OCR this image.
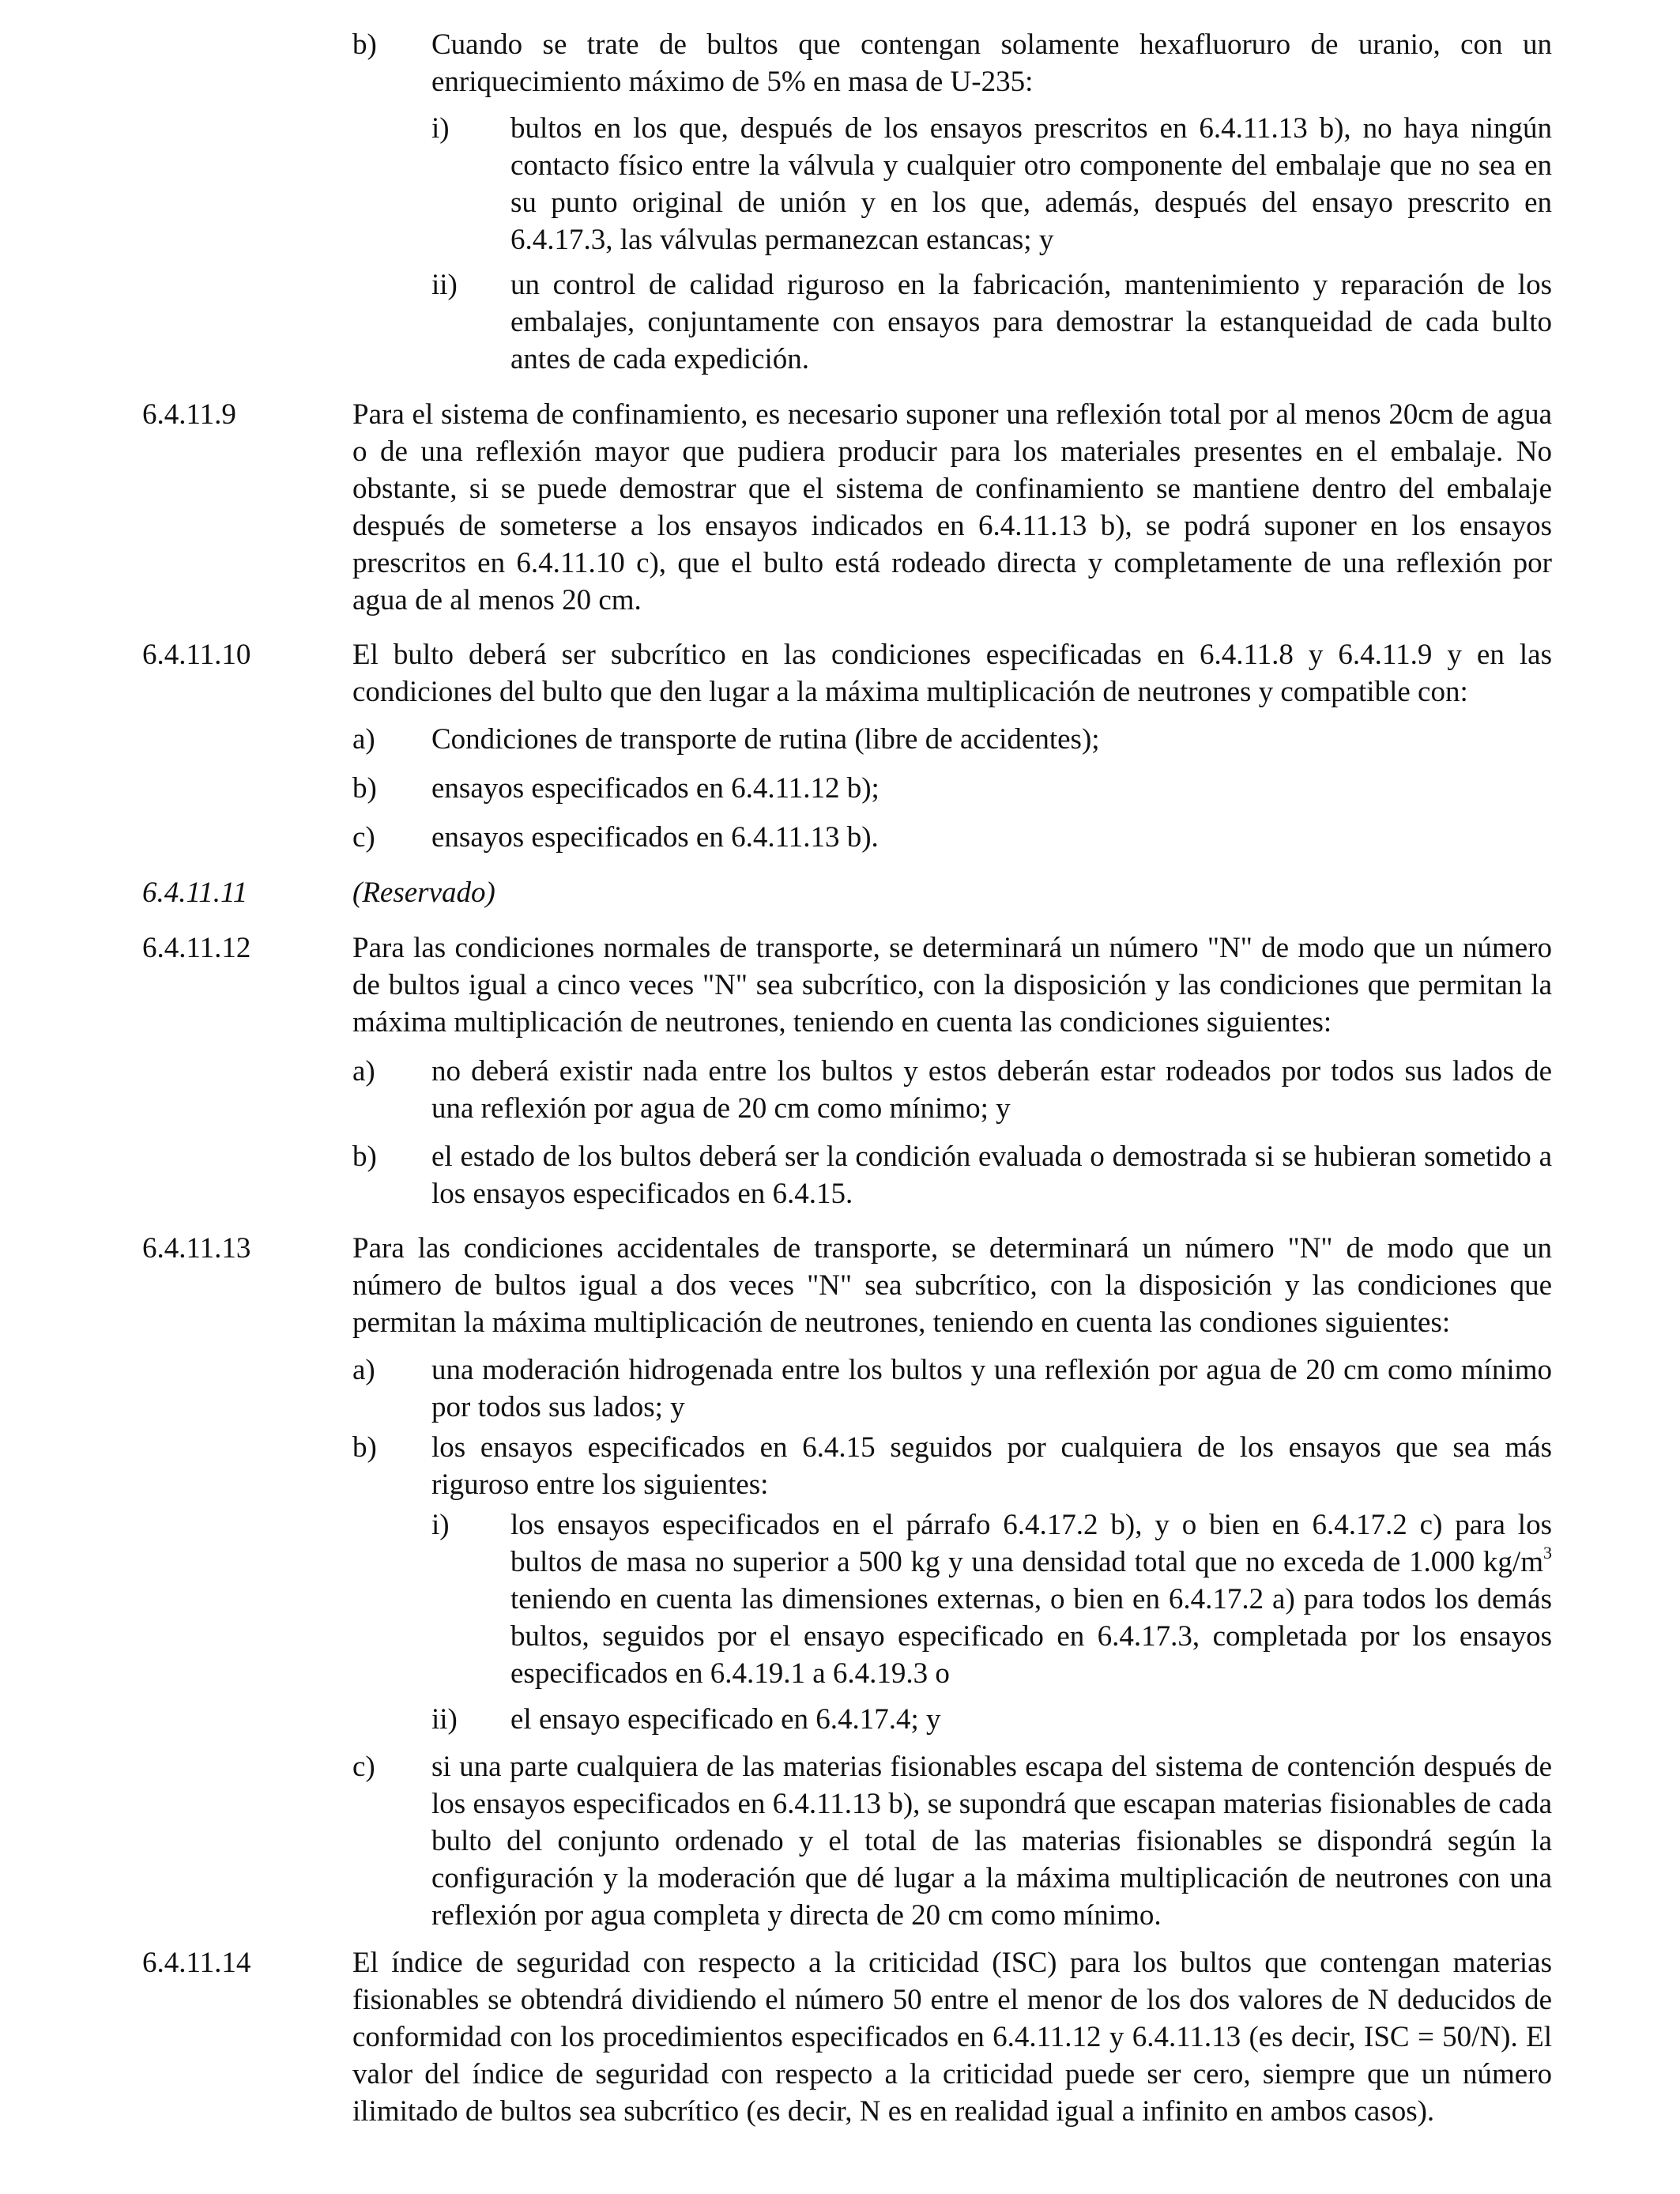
b) Cuando se trate de bultos que contengan solamente hexafluoruro de uranio, con un enriquecimiento máximo de 5% en masa de U-235:
i) bultos en los que, después de los ensayos prescritos en 6.4.11.13 b), no haya ningún contacto físico entre la válvula y cualquier otro componente del embalaje que no sea en su punto original de unión y en los que, además, después del ensayo prescrito en 6.4.17.3, las válvulas permanezcan estancas; y
ii) un control de calidad riguroso en la fabricación, mantenimiento y reparación de los embalajes, conjuntamente con ensayos para demostrar la estanqueidad de cada bulto antes de cada expedición.
6.4.11.9	Para el sistema de confinamiento, es necesario suponer una reflexión total por al menos 20cm de agua o de una reflexión mayor que pudiera producir para los materiales presentes en el embalaje. No obstante, si se puede demostrar que el sistema de confinamiento se mantiene dentro del embalaje después de someterse a los ensayos indicados en 6.4.11.13 b), se podrá suponer en los ensayos prescritos en 6.4.11.10 c), que el bulto está rodeado directa y completamente de una reflexión por agua de al menos 20 cm.
6.4.11.10	El bulto deberá ser subcrítico en las condiciones especificadas en 6.4.11.8 y 6.4.11.9 y en las condiciones del bulto que den lugar a la máxima multiplicación de neutrones y compatible con:
a) Condiciones de transporte de rutina (libre de accidentes);
b) ensayos especificados en 6.4.11.12 b);
c) ensayos especificados en 6.4.11.13 b).
6.4.11.11	(Reservado)
6.4.11.12	Para las condiciones normales de transporte, se determinará un número "N" de modo que un número de bultos igual a cinco veces "N" sea subcrítico, con la disposición y las condiciones que permitan la máxima multiplicación de neutrones, teniendo en cuenta las condiciones siguientes:
a) no deberá existir nada entre los bultos y estos deberán estar rodeados por todos sus lados de una reflexión por agua de 20 cm como mínimo; y
b) el estado de los bultos deberá ser la condición evaluada o demostrada si se hubieran sometido a los ensayos especificados en 6.4.15.
6.4.11.13	Para las condiciones accidentales de transporte, se determinará un número "N" de modo que un número de bultos igual a dos veces "N" sea subcrítico, con la disposición y las condiciones que permitan la máxima multiplicación de neutrones, teniendo en cuenta las condiones siguientes:
a) una moderación hidrogenada entre los bultos y una reflexión por agua de 20 cm como mínimo por todos sus lados; y
b) los ensayos especificados en 6.4.15 seguidos por cualquiera de los ensayos que sea más riguroso entre los siguientes:
i) los ensayos especificados en el párrafo 6.4.17.2 b), y o bien en 6.4.17.2 c) para los bultos de masa no superior a 500 kg y una densidad total que no exceda de 1.000 $kg/m^3$ teniendo en cuenta las dimensiones externas, o bien en 6.4.17.2 a) para todos los demás bultos, seguidos por el ensayo especificado en 6.4.17.3, completada por los ensayos especificados en 6.4.19.1 a 6.4.19.3 o
ii) el ensayo especificado en 6.4.17.4; y
c) si una parte cualquiera de las materias fisionables escapa del sistema de contención después de los ensayos especificados en 6.4.11.13 b), se supondrá que escapan materias fisionables de cada bulto del conjunto ordenado y el total de las materias fisionables se dispondrá según la configuración y la moderación que dé lugar a la máxima multiplicación de neutrones con una reflexión por agua completa y directa de 20 cm como mínimo.
6.4.11.14	El índice de seguridad con respecto a la criticidad (ISC) para los bultos que contengan materias fisionables se obtendrá dividiendo el número 50 entre el menor de los dos valores de N deducidos de conformidad con los procedimientos especificados en 6.4.11.12 y 6.4.11.13 (es decir, ISC = 50/N). El valor del índice de seguridad con respecto a la criticidad puede ser cero, siempre que un número ilimitado de bultos sea subcrítico (es decir, N es en realidad igual a infinito en ambos casos).
